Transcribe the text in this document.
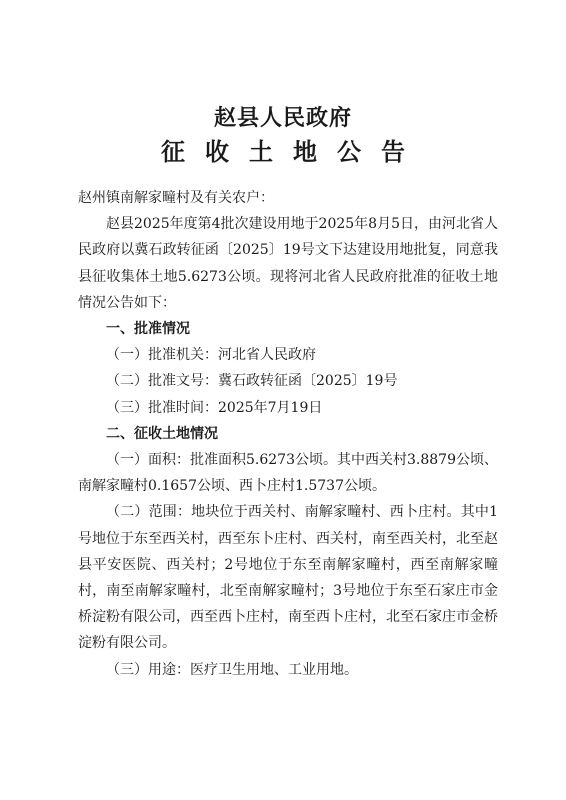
赵县人民政府
征收土地公告

赵州镇南解家疃村及有关农户：

赵县2025年度第4批次建设用地于2025年8月5日，由河北省人民政府以冀石政转征函〔2025〕19号文下达建设用地批复，同意我县征收集体土地5.6273公顷。现将河北省人民政府批准的征收土地情况公告如下：

一、批准情况

（一）批准机关：河北省人民政府

（二）批准文号：冀石政转征函〔2025〕19号

（三）批准时间：2025年7月19日

二、征收土地情况

（一）面积：批准面积5.6273公顷。其中西关村3.8879公顷、南解家疃村0.1657公顷、西卜庄村1.5737公顷。

（二）范围：地块位于西关村、南解家疃村、西卜庄村。其中1号地位于东至西关村，西至东卜庄村、西关村，南至西关村，北至赵县平安医院、西关村；2号地位于东至南解家疃村，西至南解家疃村，南至南解家疃村，北至南解家疃村；3号地位于东至石家庄市金桥淀粉有限公司，西至西卜庄村，南至西卜庄村，北至石家庄市金桥淀粉有限公司。

（三）用途：医疗卫生用地、工业用地。
